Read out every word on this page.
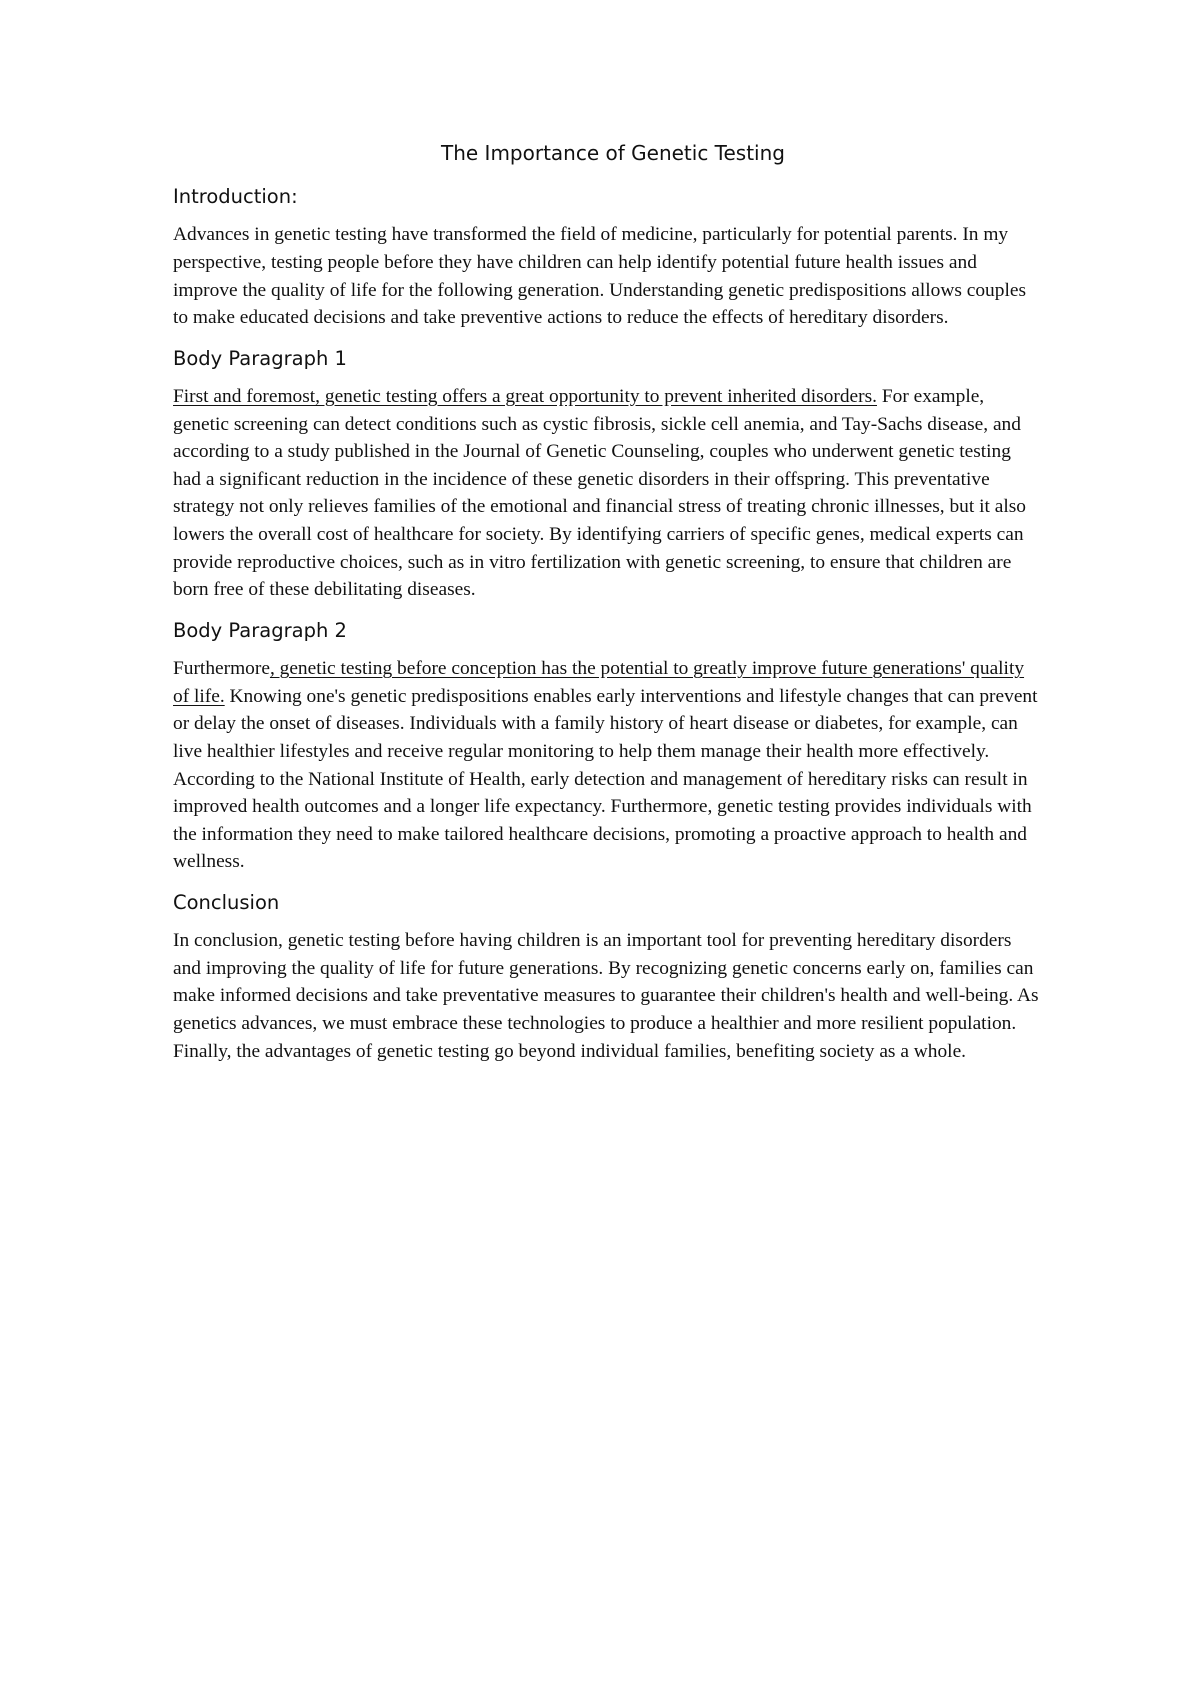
The Importance of Genetic Testing
Introduction:

Advances in genetic testing have transformed the field of medicine, particularly for potential parents. In my perspective, testing people before they have children can help identify potential future health issues and improve the quality of life for the following generation. Understanding genetic predispositions allows couples to make educated decisions and take preventive actions to reduce the effects of hereditary disorders.

Body Paragraph 1

First and foremost, genetic testing offers a great opportunity to prevent inherited disorders. For example, genetic screening can detect conditions such as cystic fibrosis, sickle cell anemia, and Tay-Sachs disease, and according to a study published in the Journal of Genetic Counseling, couples who underwent genetic testing had a significant reduction in the incidence of these genetic disorders in their offspring. This preventative strategy not only relieves families of the emotional and financial stress of treating chronic illnesses, but it also lowers the overall cost of healthcare for society. By identifying carriers of specific genes, medical experts can provide reproductive choices, such as in vitro fertilization with genetic screening, to ensure that children are born free of these debilitating diseases.

Body Paragraph 2

Furthermore, genetic testing before conception has the potential to greatly improve future generations' quality of life. Knowing one's genetic predispositions enables early interventions and lifestyle changes that can prevent or delay the onset of diseases. Individuals with a family history of heart disease or diabetes, for example, can live healthier lifestyles and receive regular monitoring to help them manage their health more effectively. According to the National Institute of Health, early detection and management of hereditary risks can result in improved health outcomes and a longer life expectancy. Furthermore, genetic testing provides individuals with the information they need to make tailored healthcare decisions, promoting a proactive approach to health and wellness.

Conclusion

In conclusion, genetic testing before having children is an important tool for preventing hereditary disorders and improving the quality of life for future generations. By recognizing genetic concerns early on, families can make informed decisions and take preventative measures to guarantee their children's health and well-being. As genetics advances, we must embrace these technologies to produce a healthier and more resilient population. Finally, the advantages of genetic testing go beyond individual families, benefiting society as a whole.
